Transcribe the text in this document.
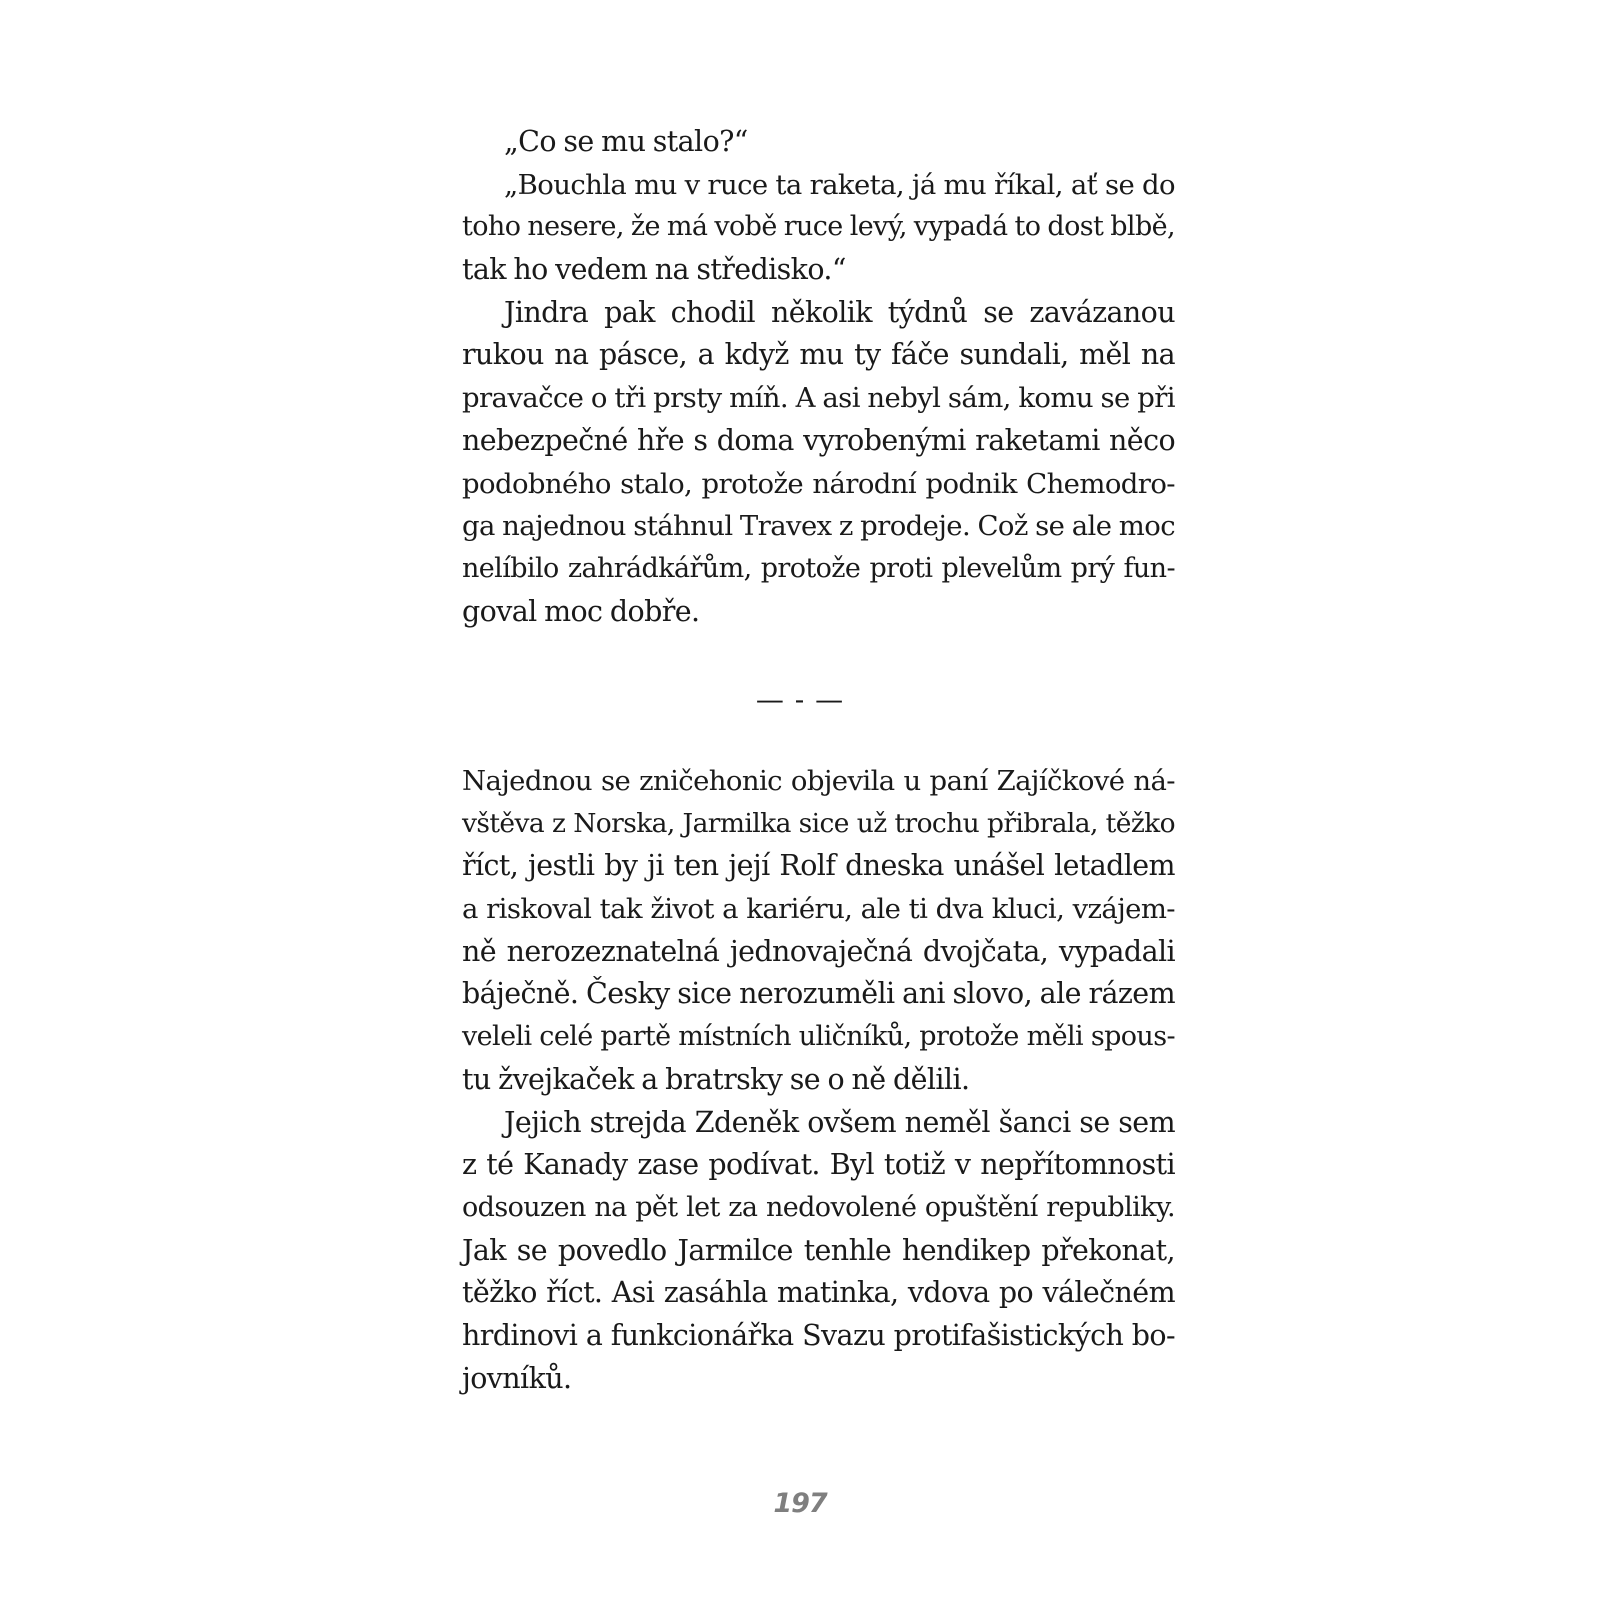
„Co se mu stalo?“
„Bouchla mu v ruce ta raketa, já mu říkal, ať se do
toho nesere, že má vobě ruce levý, vypadá to dost blbě,
tak ho vedem na středisko.“
Jindra pak chodil několik týdnů se zavázanou
rukou na pásce, a když mu ty fáče sundali, měl na
pravačce o tři prsty míň. A asi nebyl sám, komu se při
nebezpečné hře s doma vyrobenými raketami něco
podobného stalo, protože národní podnik Chemodro-
ga najednou stáhnul Travex z prodeje. Což se ale moc
nelíbilo zahrádkářům, protože proti plevelům prý fun-
goval moc dobře.
— - —
Najednou se zničehonic objevila u paní Zajíčkové ná-
vštěva z Norska, Jarmilka sice už trochu přibrala, těžko
říct, jestli by ji ten její Rolf dneska unášel letadlem
a riskoval tak život a kariéru, ale ti dva kluci, vzájem-
ně nerozeznatelná jednovaječná dvojčata, vypadali
báječně. Česky sice nerozuměli ani slovo, ale rázem
veleli celé partě místních uličníků, protože měli spous-
tu žvejkaček a bratrsky se o ně dělili.
Jejich strejda Zdeněk ovšem neměl šanci se sem
z té Kanady zase podívat. Byl totiž v nepřítomnosti
odsouzen na pět let za nedovolené opuštění republiky.
Jak se povedlo Jarmilce tenhle hendikep překonat,
těžko říct. Asi zasáhla matinka, vdova po válečném
hrdinovi a funkcionářka Svazu protifašistických bo-
jovníků.
197
